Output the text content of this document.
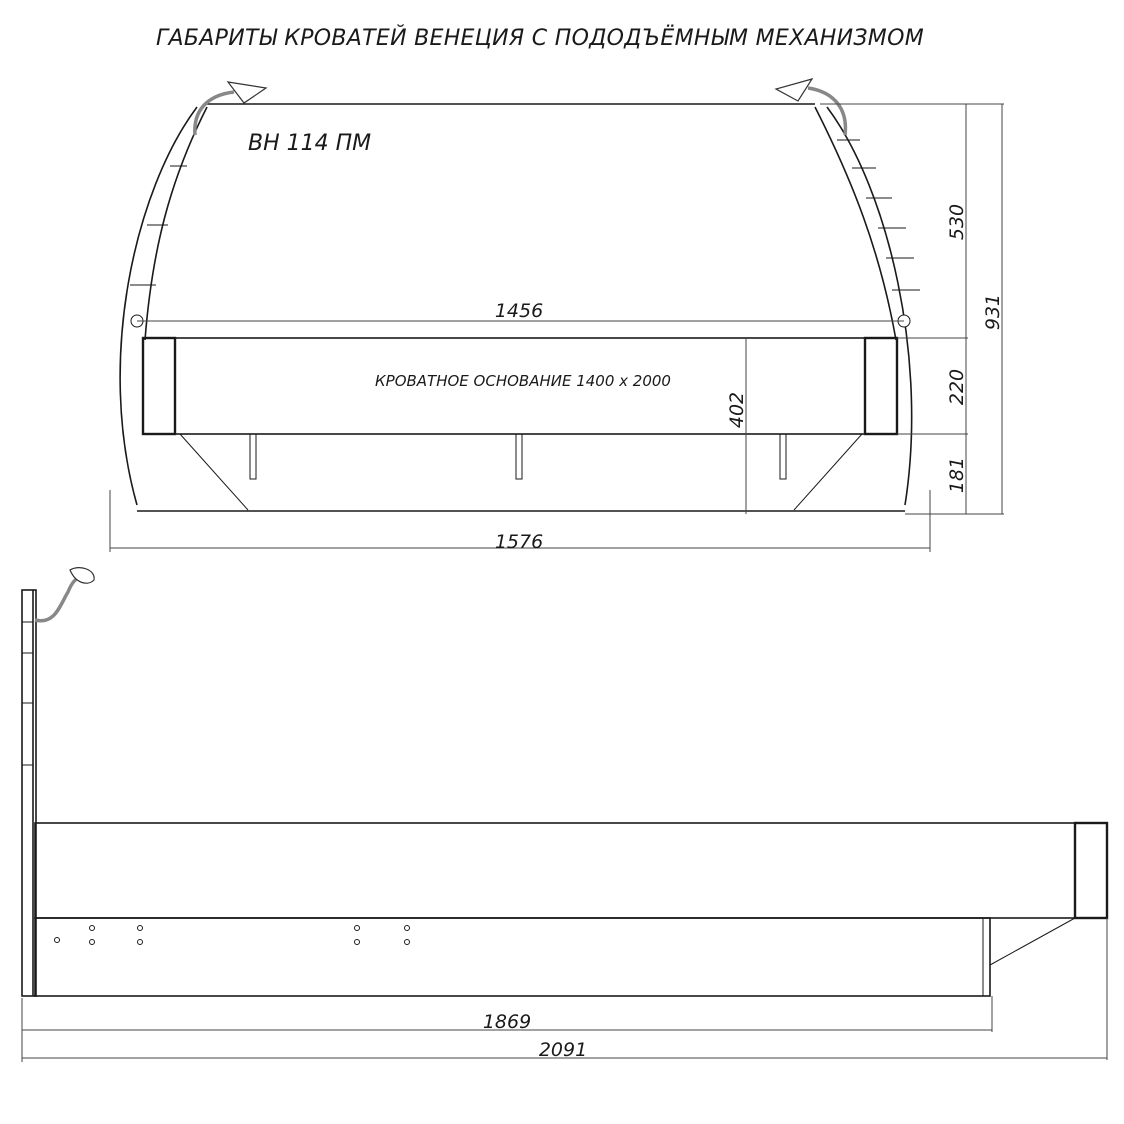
ГАБАРИТЫ КРОВАТЕЙ ВЕНЕЦИЯ С ПОДОДЪЁМНЫМ МЕХАНИЗМОМ
ВН 114 ПМ
КРОВАТНОЕ ОСНОВАНИЕ 1400 х 2000
1456
1576
530
220
181
931
402
1869
2091
